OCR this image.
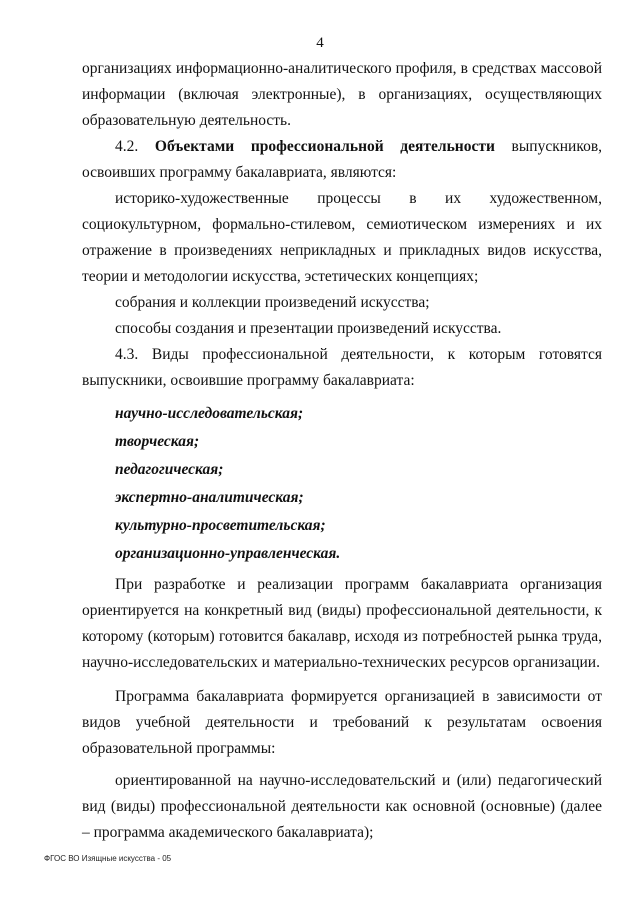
4

организациях информационно-аналитического профиля, в средствах массовой информации (включая электронные), в организациях, осуществляющих образовательную деятельность.

4.2. Объектами профессиональной деятельности выпускников, освоивших программу бакалавриата, являются:

историко-художественные процессы в их художественном, социокультурном, формально-стилевом, семиотическом измерениях и их отражение в произведениях неприкладных и прикладных видов искусства, теории и методологии искусства, эстетических концепциях;

собрания и коллекции произведений искусства;

способы создания и презентации произведений искусства.

4.3. Виды профессиональной деятельности, к которым готовятся выпускники, освоившие программу бакалавриата:

научно-исследовательская;

творческая;

педагогическая;

экспертно-аналитическая;

культурно-просветительская;

организационно-управленческая.

При разработке и реализации программ бакалавриата организация ориентируется на конкретный вид (виды) профессиональной деятельности, к которому (которым) готовится бакалавр, исходя из потребностей рынка труда, научно-исследовательских и материально-технических ресурсов организации.

Программа бакалавриата формируется организацией в зависимости от видов учебной деятельности и требований к результатам освоения образовательной программы:

ориентированной на научно-исследовательский и (или) педагогический вид (виды) профессиональной деятельности как основной (основные) (далее – программа академического бакалавриата);

ФГОС ВО Изящные искусства - 05
